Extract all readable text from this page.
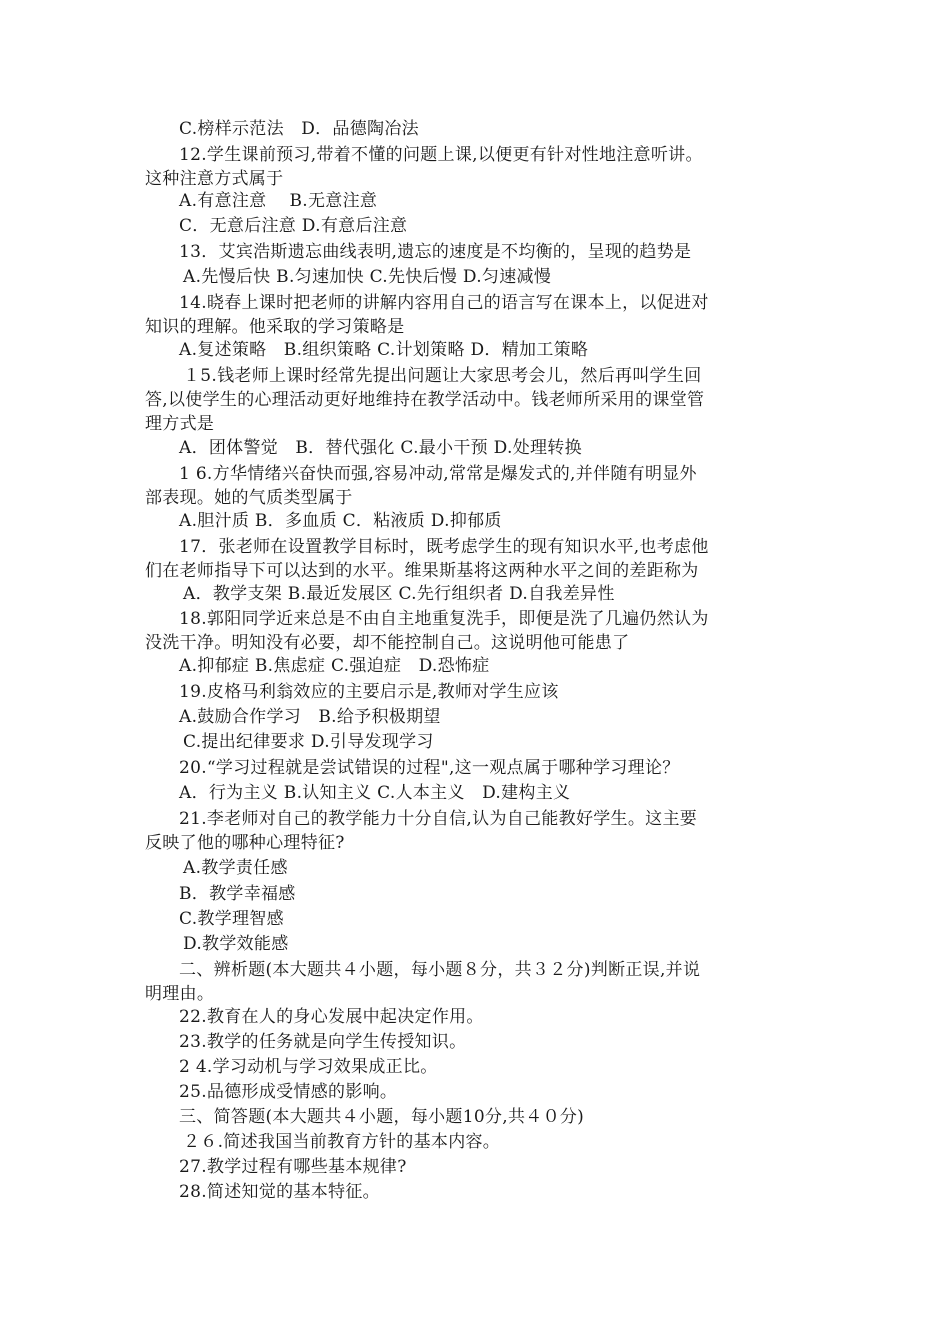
C.榜样示范法　D．品德陶冶法
12.学生课前预习,带着不懂的问题上课,以便更有针对性地注意听讲。
这种注意方式属于
A.有意注意　 B.无意注意
C．无意后注意 D.有意后注意
13．艾宾浩斯遗忘曲线表明,遗忘的速度是不均衡的，呈现的趋势是
A.先慢后快 B.匀速加快 C.先快后慢 D.匀速减慢
14.晓春上课时把老师的讲解内容用自己的语言写在课本上，以促进对
知识的理解。他采取的学习策略是
A.复述策略　B.组织策略 C.计划策略 D．精加工策略
１5.钱老师上课时经常先提出问题让大家思考会儿，然后再叫学生回
答,以使学生的心理活动更好地维持在教学活动中。钱老师所采用的课堂管
理方式是
A．团体警觉　B．替代强化 C.最小干预 D.处理转换
1 6.方华情绪兴奋快而强,容易冲动,常常是爆发式的,并伴随有明显外
部表现。她的气质类型属于
A.胆汁质 B．多血质 C．粘液质 D.抑郁质
17．张老师在设置教学目标时，既考虑学生的现有知识水平,也考虑他
们在老师指导下可以达到的水平。维果斯基将这两种水平之间的差距称为
A．教学支架 B.最近发展区 C.先行组织者 D.自我差异性
18.郭阳同学近来总是不由自主地重复洗手，即便是洗了几遍仍然认为
没洗干净。明知没有必要，却不能控制自己。这说明他可能患了
A.抑郁症 B.焦虑症 C.强迫症　D.恐怖症
19.皮格马利翁效应的主要启示是,教师对学生应该
A.鼓励合作学习　B.给予积极期望
C.提出纪律要求 D.引导发现学习
20.“学习过程就是尝试错误的过程",这一观点属于哪种学习理论？
A．行为主义 B.认知主义 C.人本主义　D.建构主义
21.李老师对自己的教学能力十分自信,认为自己能教好学生。这主要
反映了他的哪种心理特征?
A.教学责任感
B．教学幸福感
C.教学理智感
D.教学效能感
二、辨析题(本大题共４小题，每小题８分，共３２分)判断正误,并说
明理由。
22.教育在人的身心发展中起决定作用。
23.教学的任务就是向学生传授知识。
2 4.学习动机与学习效果成正比。
25.品德形成受情感的影响。
三、简答题(本大题共４小题，每小题10分,共４０分)
２６.简述我国当前教育方针的基本内容。
27.教学过程有哪些基本规律?
28.简述知觉的基本特征。
